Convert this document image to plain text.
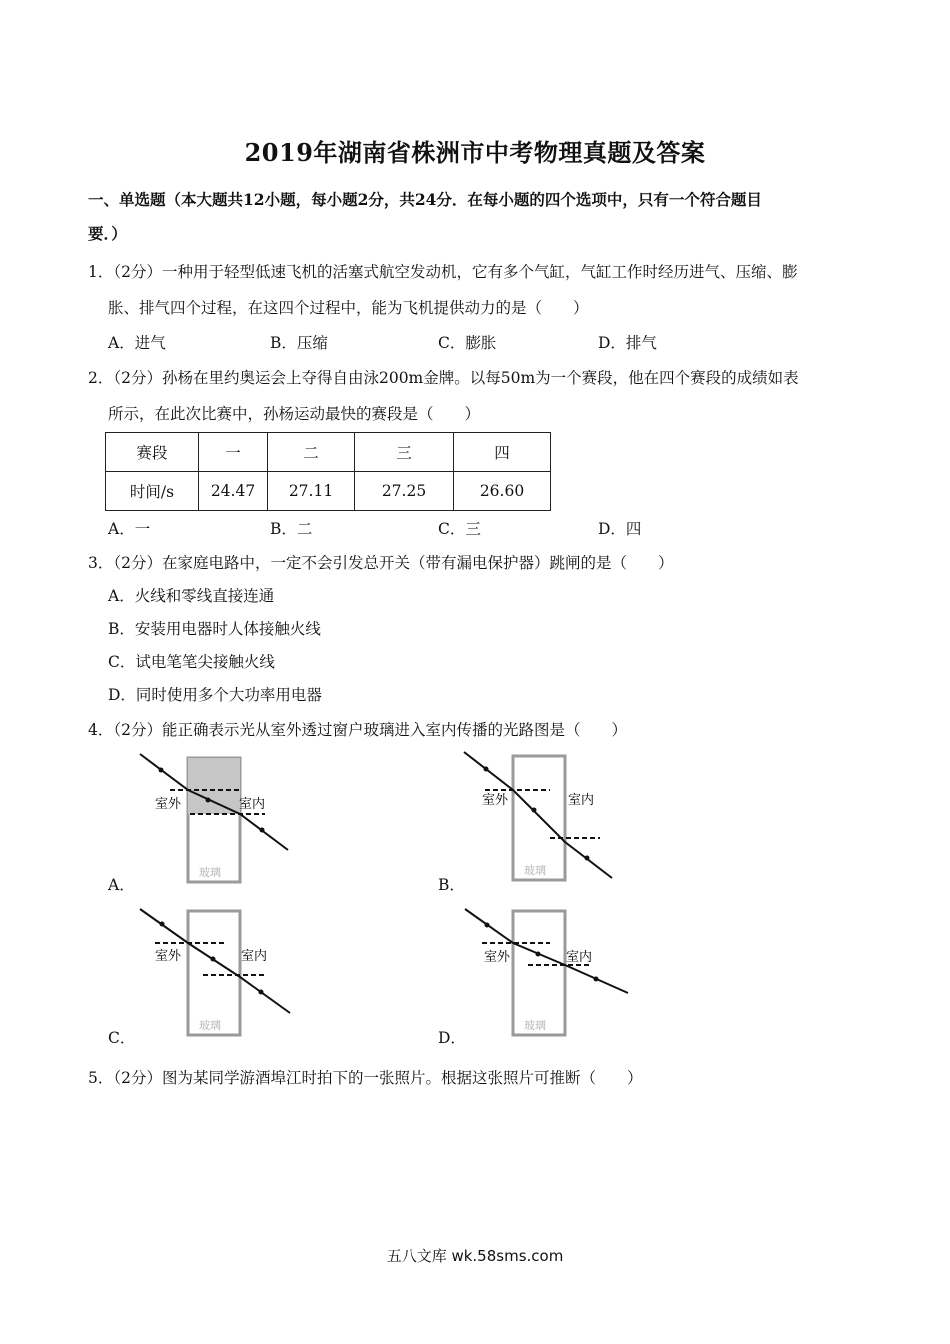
2019年湖南省株洲市中考物理真题及答案
一、单选题（本大题共12小题，每小题2分，共24分．在每小题的四个选项中，只有一个符合题目
要．）
1．（2分）一种用于轻型低速飞机的活塞式航空发动机，它有多个气缸，气缸工作时经历进气、压缩、膨
胀、排气四个过程，在这四个过程中，能为飞机提供动力的是（　　）
A．进气	B．压缩	C．膨胀	D．排气
2．（2分）孙杨在里约奥运会上夺得自由泳200m金牌。以每50m为一个赛段，他在四个赛段的成绩如表
所示，在此次比赛中，孙杨运动最快的赛段是（　　）
赛段	一	二	三	四
时间/s	24.47	27.11	27.25	26.60
A．一	B．二	C．三	D．四
3．（2分）在家庭电路中，一定不会引发总开关（带有漏电保护器）跳闸的是（　　）
A．火线和零线直接连通
B．安装用电器时人体接触火线
C．试电笔笔尖接触火线
D．同时使用多个大功率用电器
4．（2分）能正确表示光从室外透过窗户玻璃进入室内传播的光路图是（　　）
室外	室内
玻璃
A．
室外	室内
玻璃
B．
室外	室内
玻璃
C．
室外	室内
玻璃
D．
5．（2分）图为某同学游酒埠江时拍下的一张照片。根据这张照片可推断（　　）
五八文库 wk.58sms.com
